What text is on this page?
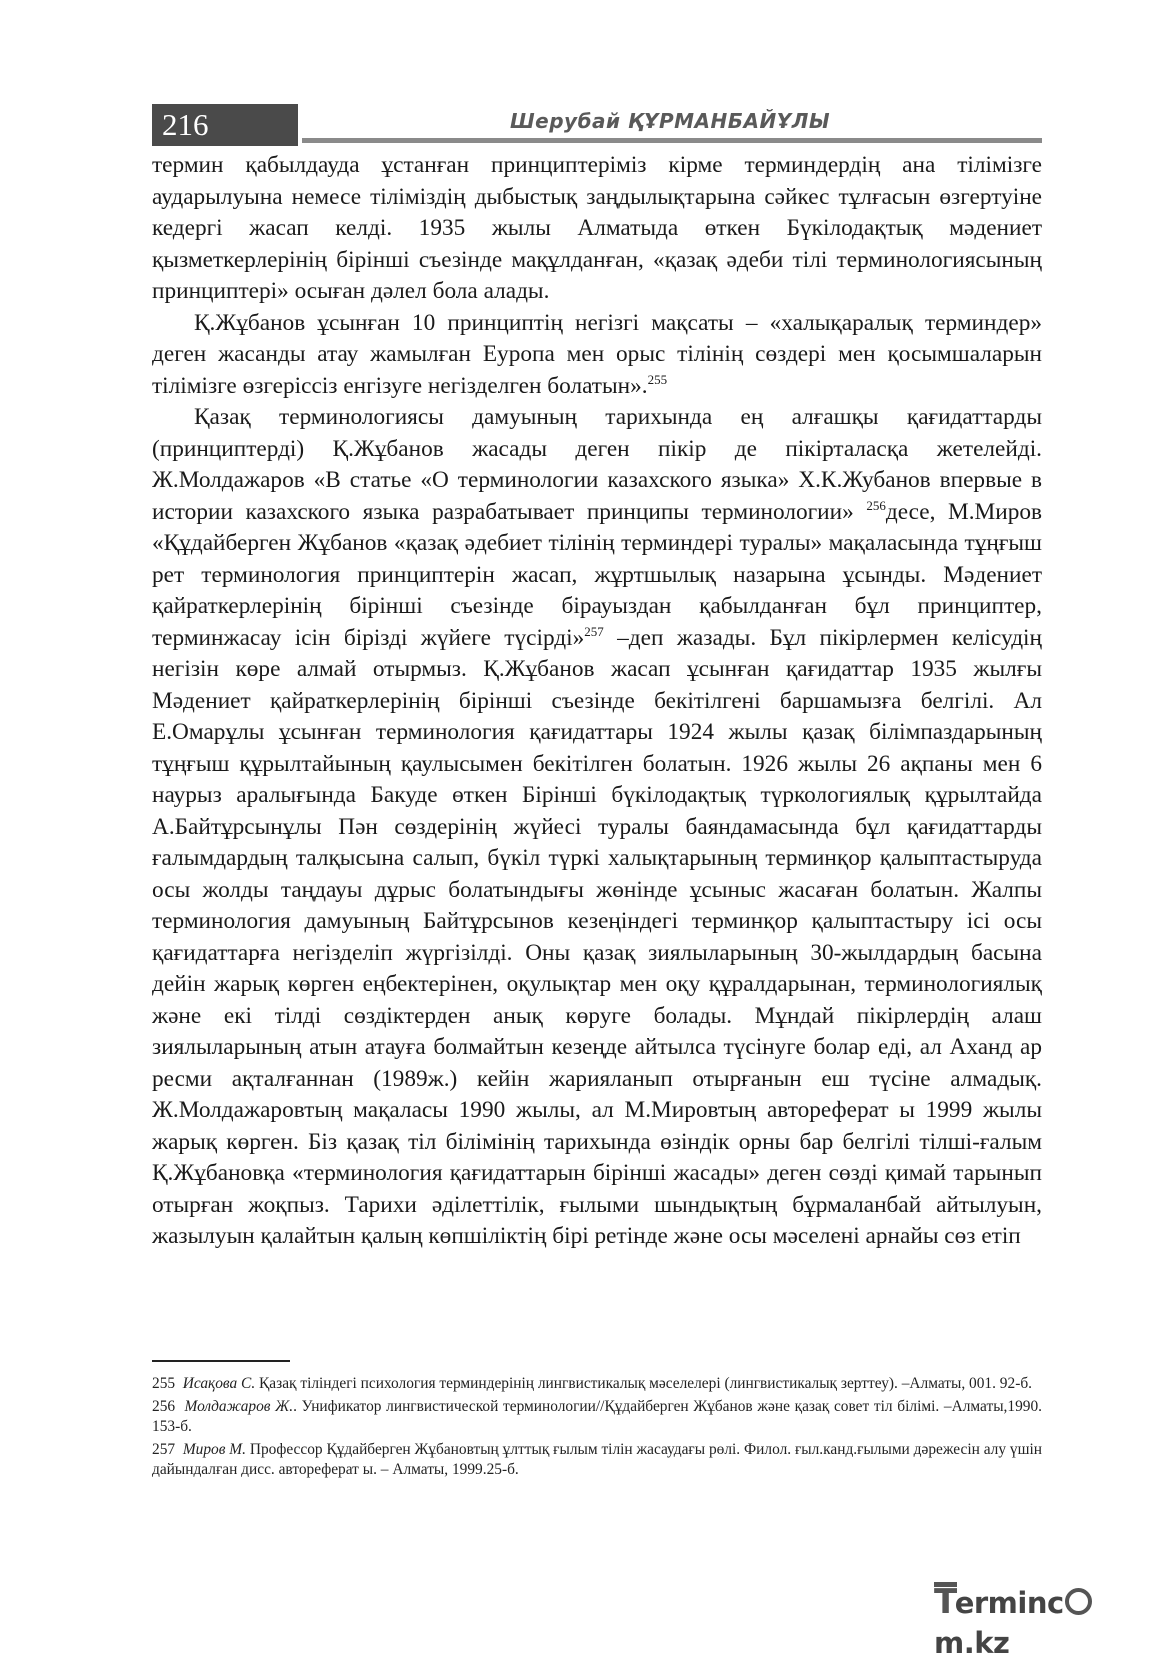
216	Шерубай ҚҰРМАНБАЙҰЛЫ

термин қабылдауда ұстанған принциптеріміз кірме терминдердің ана тілімізге аударылуына немесе тіліміздің дыбыстық заңдылықтарына сәйкес тұлғасын өзгертуіне кедергі жасап келді. 1935 жылы Алматыда өткен Бүкілодақтық мәдениет қызметкерлерінің бірінші съезінде мақұлданған, «қазақ әдеби тілі терминологиясының принциптері» осыған дәлел бола алады.

Қ.Жұбанов ұсынған 10 принциптің негізгі мақсаты – «халықаралық терминдер» деген жасанды атау жамылған Еуропа мен орыс тілінің сөздері мен қосымшаларын тілімізге өзгеріссіз енгізуге негізделген болатын».$^{255}$

Қазақ терминологиясы дамуының тарихында ең алғашқы қағидаттарды (принциптерді) Қ.Жұбанов жасады деген пікір де пікірталасқа жетелейді. Ж.Молдажаров «В статье «О терминологии казахского языка» Х.К.Жубанов впервые в истории казахского языка разрабатывает принципы терминологии» $^{256}$десе, М.Миров «Құдайберген Жұбанов «қазақ әдебиет тілінің терминдері туралы» мақаласында тұңғыш рет терминология принциптерін жасап, жұртшылық назарына ұсынды. Мәдениет қайраткерлерінің бірінші съезінде бірауыздан қабылданған бұл принциптер, терминжасау ісін бірізді жүйеге түсірді»$^{257}$ –деп жазады. Бұл пікірлермен келісудің негізін көре алмай отырмыз. Қ.Жұбанов жасап ұсынған қағидаттар 1935 жылғы Мәдениет қайраткерлерінің бірінші съезінде бекітілгені баршамызға белгілі. Ал Е.Омарұлы ұсынған терминология қағидаттары 1924 жылы қазақ білімпаздарының тұңғыш құрылтайының қаулысымен бекітілген болатын. 1926 жылы 26 ақпаны мен 6 наурыз аралығында Бакуде өткен Бірінші бүкілодақтық түркологиялық құрылтайда А.Байтұрсынұлы Пән сөздерінің жүйесі туралы баяндамасында бұл қағидаттарды ғалымдардың талқысына салып, бүкіл түркі халықтарының терминқор қалыптастыруда осы жолды таңдауы дұрыс болатындығы жөнінде ұсыныс жасаған болатын. Жалпы терминология дамуының Байтұрсынов кезеңіндегі терминқор қалыптастыру ісі осы қағидаттарға негізделіп жүргізілді. Оны қазақ зиялыларының 30-жылдардың басына дейін жарық көрген еңбектерінен, оқулықтар мен оқу құралдарынан, терминологиялық және екі тілді сөздіктерден анық көруге болады. Мұндай пікірлердің алаш зиялыларының атын атауға болмайтын кезеңде айтылса түсінуге болар еді, ал Аханд ар ресми ақталғаннан (1989ж.) кейін жарияланып отырғанын еш түсіне алмадық. Ж.Молдажаровтың мақаласы 1990 жылы, ал М.Мировтың автореферат ы 1999 жылы жарық көрген. Біз қазақ тіл білімінің тарихында өзіндік орны бар белгілі тілші-ғалым Қ.Жұбановқа «терминология қағидаттарын бірінші жасады» деген сөзді қимай тарынып отырған жоқпыз. Тарихи әділеттілік, ғылыми шындықтың бұрмаланбай айтылуын, жазылуын қалайтын қалың көпшіліктің бірі ретінде және осы мәселені арнайы сөз етіп

255 Исақова С. Қазақ тіліндегі психология терминдерінің лингвистикалық мәселелері (лингвистикалық зерттеу). –Алматы, 001. 92-б.

256 Молдажаров Ж.. Унификатор лингвистической терминологии//Құдайберген Жұбанов және қазақ совет тіл білімі. –Алматы,1990. 153-б.

257 Миров М. Профессор Құдайберген Жұбановтың ұлттық ғылым тілін жасаудағы рөлі. Филол. ғыл.канд.ғылыми дәрежесін алу үшін дайындалған дисс. автореферат ы. – Алматы, 1999.25-б.

Termincm.kz
